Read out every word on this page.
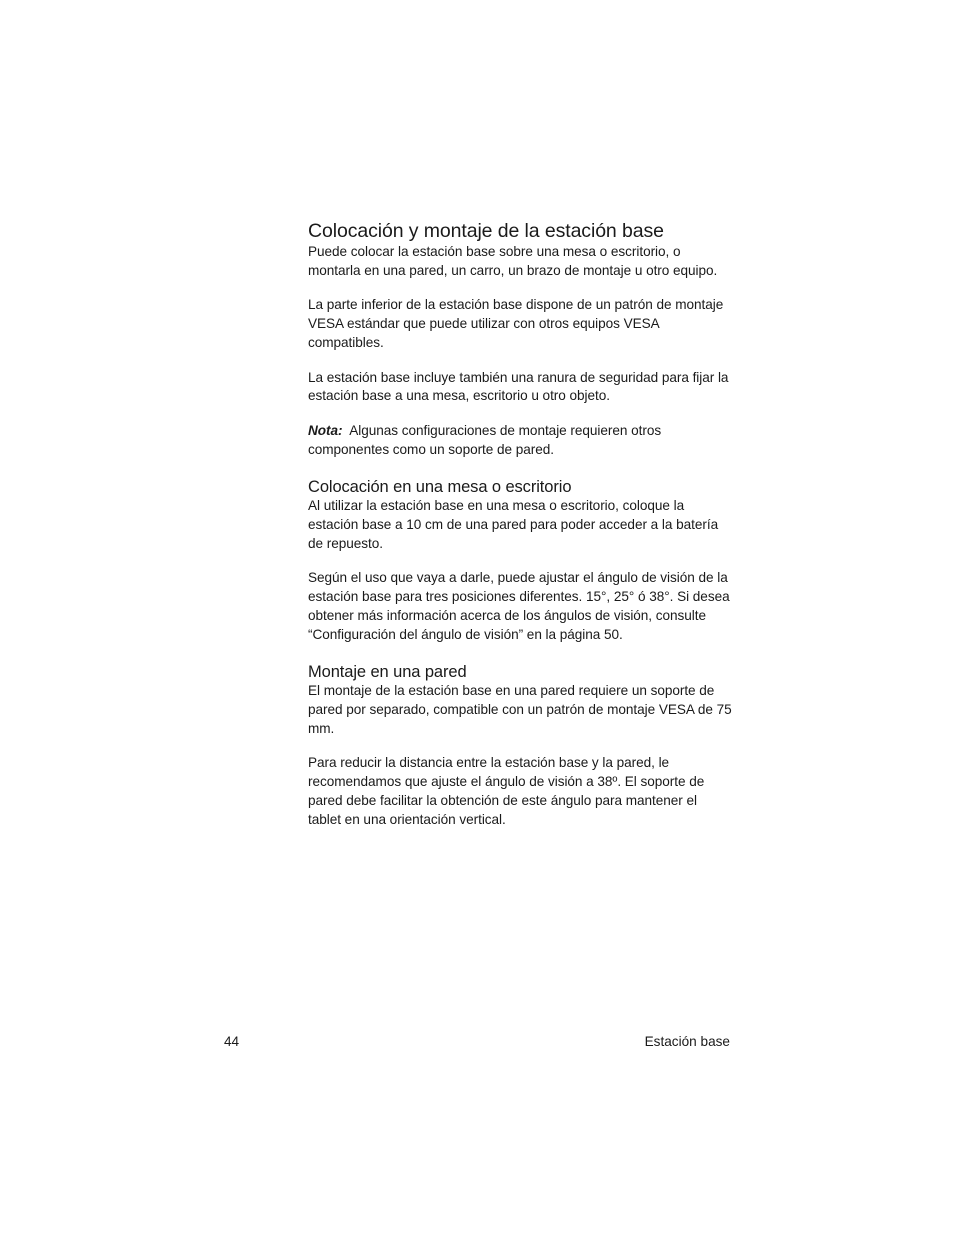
Colocación y montaje de la estación base

Puede colocar la estación base sobre una mesa o escritorio, o montarla en una pared, un carro, un brazo de montaje u otro equipo.

La parte inferior de la estación base dispone de un patrón de montaje VESA estándar que puede utilizar con otros equipos VESA compatibles.

La estación base incluye también una ranura de seguridad para fijar la estación base a una mesa, escritorio u otro objeto.

Nota: Algunas configuraciones de montaje requieren otros componentes como un soporte de pared.

Colocación en una mesa o escritorio

Al utilizar la estación base en una mesa o escritorio, coloque la estación base a 10 cm de una pared para poder acceder a la batería de repuesto.

Según el uso que vaya a darle, puede ajustar el ángulo de visión de la estación base para tres posiciones diferentes. 15°, 25° ó 38°. Si desea obtener más información acerca de los ángulos de visión, consulte “Configuración del ángulo de visión” en la página 50.

Montaje en una pared

El montaje de la estación base en una pared requiere un soporte de pared por separado, compatible con un patrón de montaje VESA de 75 mm.

Para reducir la distancia entre la estación base y la pared, le recomendamos que ajuste el ángulo de visión a 38º. El soporte de pared debe facilitar la obtención de este ángulo para mantener el tablet en una orientación vertical.

44	Estación base
